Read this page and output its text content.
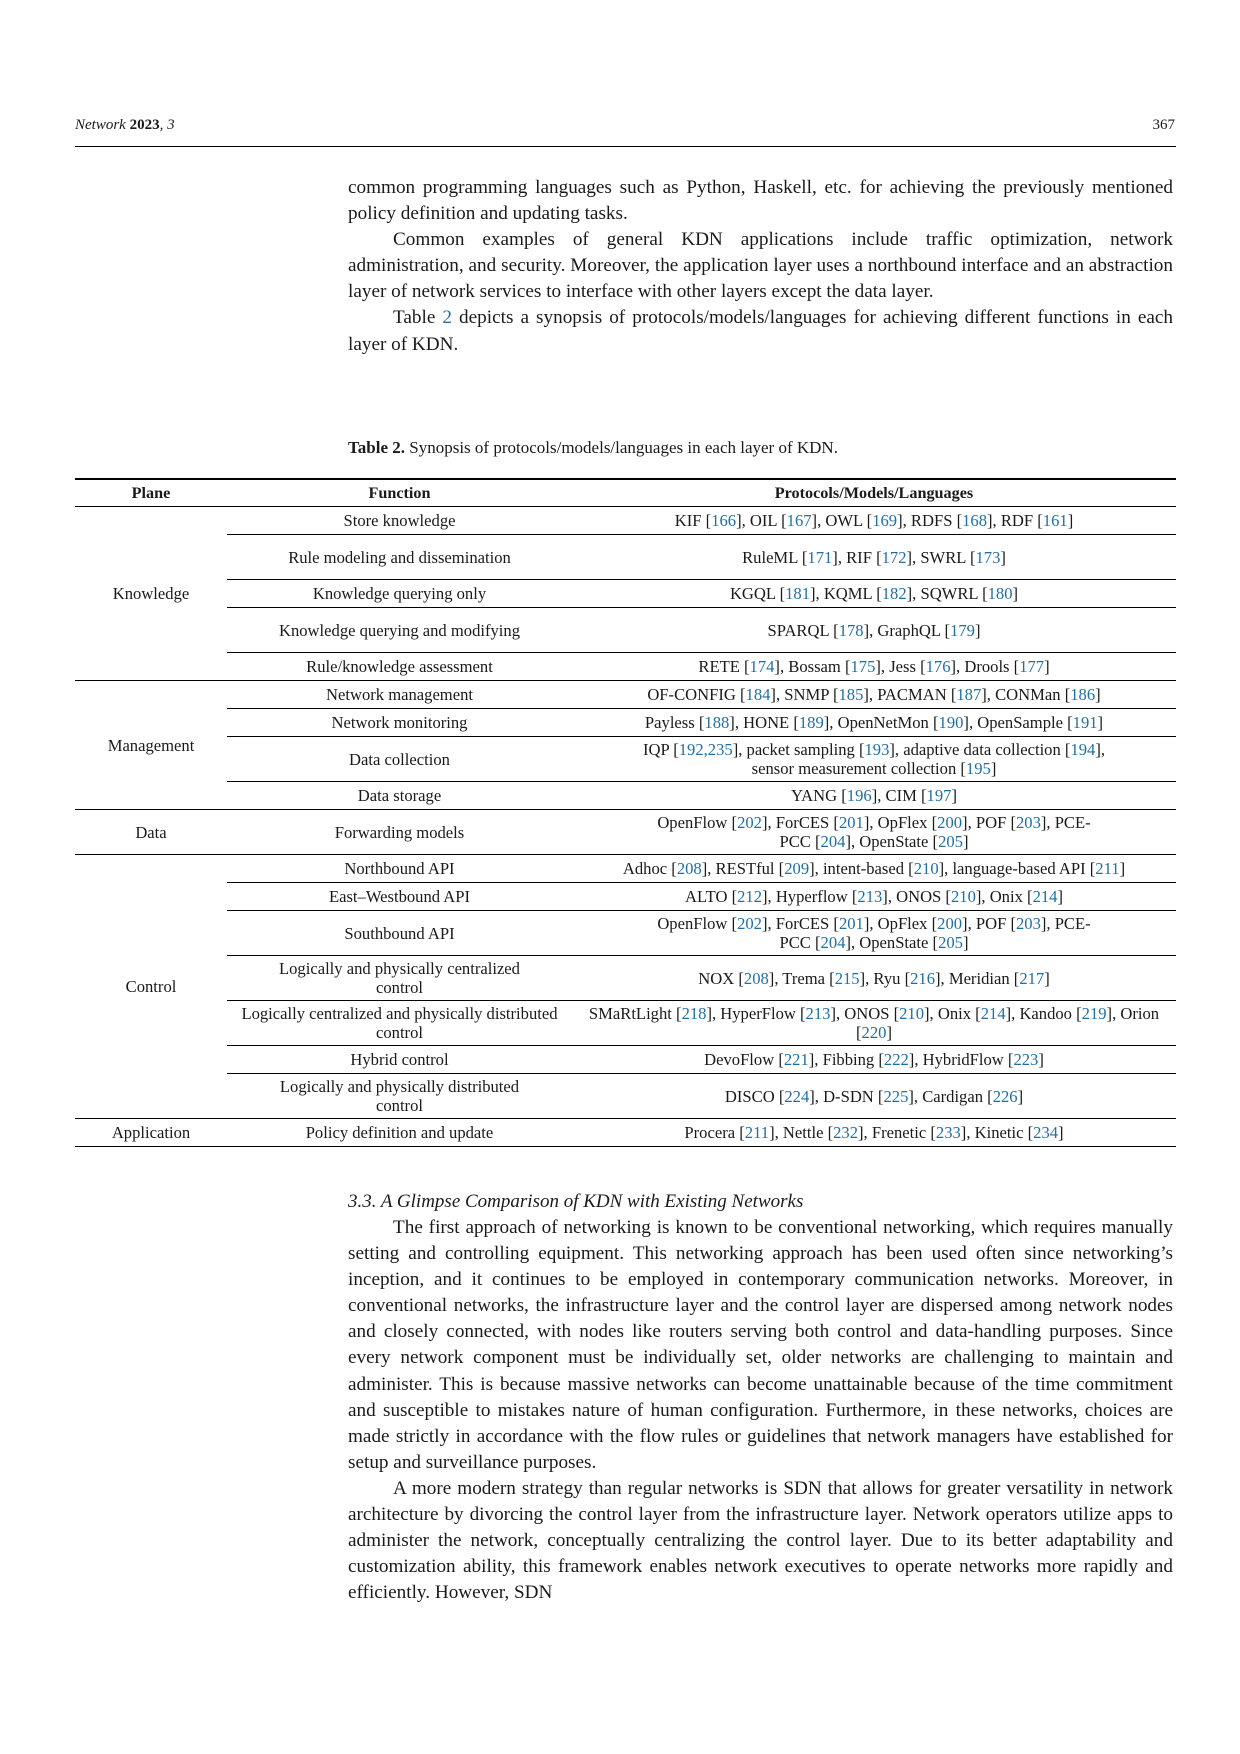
Network 2023, 3	367

common programming languages such as Python, Haskell, etc. for achieving the previously mentioned policy definition and updating tasks.

Common examples of general KDN applications include traffic optimization, network administration, and security. Moreover, the application layer uses a northbound interface and an abstraction layer of network services to interface with other layers except the data layer.

Table 2 depicts a synopsis of protocols/models/languages for achieving different functions in each layer of KDN.

Table 2. Synopsis of protocols/models/languages in each layer of KDN.
Plane	Function	Protocols/Models/Languages
Knowledge	Store knowledge	KIF [166], OIL [167], OWL [169], RDFS [168], RDF [161]
	Rule modeling and dissemination	RuleML [171], RIF [172], SWRL [173]
	Knowledge querying only	KGQL [181], KQML [182], SQWRL [180]
	Knowledge querying and modifying	SPARQL [178], GraphQL [179]
	Rule/knowledge assessment	RETE [174], Bossam [175], Jess [176], Drools [177]
Management	Network management	OF-CONFIG [184], SNMP [185], PACMAN [187], CONMan [186]
	Network monitoring	Payless [188], HONE [189], OpenNetMon [190], OpenSample [191]
	Data collection	IQP [192,235], packet sampling [193], adaptive data collection [194], sensor measurement collection [195]
	Data storage	YANG [196], CIM [197]
Data	Forwarding models	OpenFlow [202], ForCES [201], OpFlex [200], POF [203], PCE-PCC [204], OpenState [205]
Control	Northbound API	Adhoc [208], RESTful [209], intent-based [210], language-based API [211]
	East–Westbound API	ALTO [212], Hyperflow [213], ONOS [210], Onix [214]
	Southbound API	OpenFlow [202], ForCES [201], OpFlex [200], POF [203], PCE-PCC [204], OpenState [205]
	Logically and physically centralized control	NOX [208], Trema [215], Ryu [216], Meridian [217]
	Logically centralized and physically distributed control	SMaRtLight [218], HyperFlow [213], ONOS [210], Onix [214], Kandoo [219], Orion [220]
	Hybrid control	DevoFlow [221], Fibbing [222], HybridFlow [223]
	Logically and physically distributed control	DISCO [224], D-SDN [225], Cardigan [226]
Application	Policy definition and update	Procera [211], Nettle [232], Frenetic [233], Kinetic [234]
3.3. A Glimpse Comparison of KDN with Existing Networks

The first approach of networking is known to be conventional networking, which requires manually setting and controlling equipment. This networking approach has been used often since networking’s inception, and it continues to be employed in contemporary communication networks. Moreover, in conventional networks, the infrastructure layer and the control layer are dispersed among network nodes and closely connected, with nodes like routers serving both control and data-handling purposes. Since every network component must be individually set, older networks are challenging to maintain and administer. This is because massive networks can become unattainable because of the time commitment and susceptible to mistakes nature of human configuration. Furthermore, in these networks, choices are made strictly in accordance with the flow rules or guidelines that network managers have established for setup and surveillance purposes.

A more modern strategy than regular networks is SDN that allows for greater versatility in network architecture by divorcing the control layer from the infrastructure layer. Network operators utilize apps to administer the network, conceptually centralizing the control layer. Due to its better adaptability and customization ability, this framework enables network executives to operate networks more rapidly and efficiently. However, SDN
